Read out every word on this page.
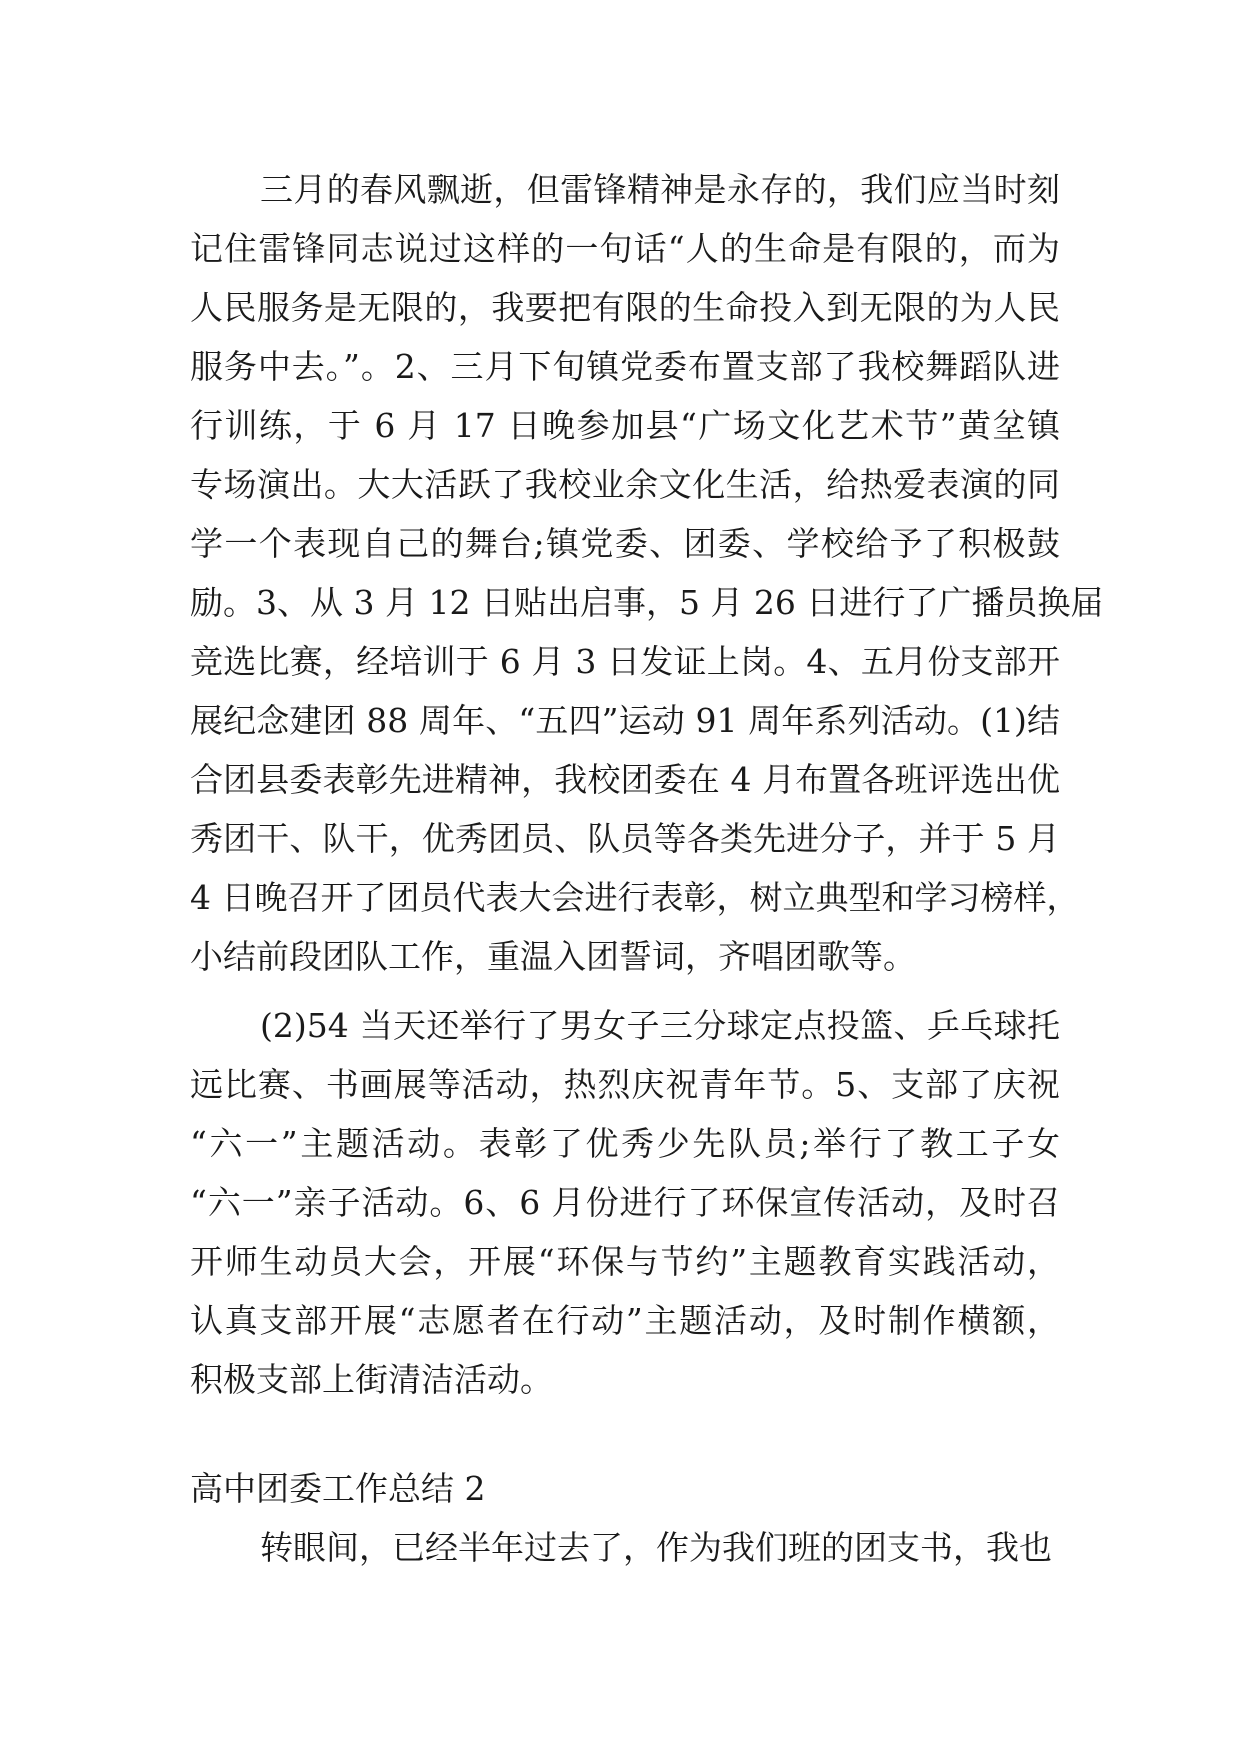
三月的春风飘逝，但雷锋精神是永存的，我们应当时刻
记住雷锋同志说过这样的一句话“人的生命是有限的，而为
人民服务是无限的，我要把有限的生命投入到无限的为人民
服务中去。”。2、三月下旬镇党委布置支部了我校舞蹈队进
行训练，于 6 月 17 日晚参加县“广场文化艺术节”黄坌镇
专场演出。大大活跃了我校业余文化生活，给热爱表演的同
学一个表现自己的舞台;镇党委、团委、学校给予了积极鼓
励。3、从 3 月 12 日贴出启事，5 月 26 日进行了广播员换届
竞选比赛，经培训于 6 月 3 日发证上岗。4、五月份支部开
展纪念建团 88 周年、“五四”运动 91 周年系列活动。(1)结
合团县委表彰先进精神，我校团委在 4 月布置各班评选出优
秀团干、队干，优秀团员、队员等各类先进分子，并于 5 月
4 日晚召开了团员代表大会进行表彰，树立典型和学习榜样，
小结前段团队工作，重温入团誓词，齐唱团歌等。
(2)54 当天还举行了男女子三分球定点投篮、乒乓球托
远比赛、书画展等活动，热烈庆祝青年节。5、支部了庆祝
“六一”主题活动。表彰了优秀少先队员;举行了教工子女
“六一”亲子活动。6、6 月份进行了环保宣传活动，及时召
开师生动员大会，开展“环保与节约”主题教育实践活动，
认真支部开展“志愿者在行动”主题活动，及时制作横额，
积极支部上街清洁活动。
高中团委工作总结 2
转眼间，已经半年过去了，作为我们班的团支书，我也
